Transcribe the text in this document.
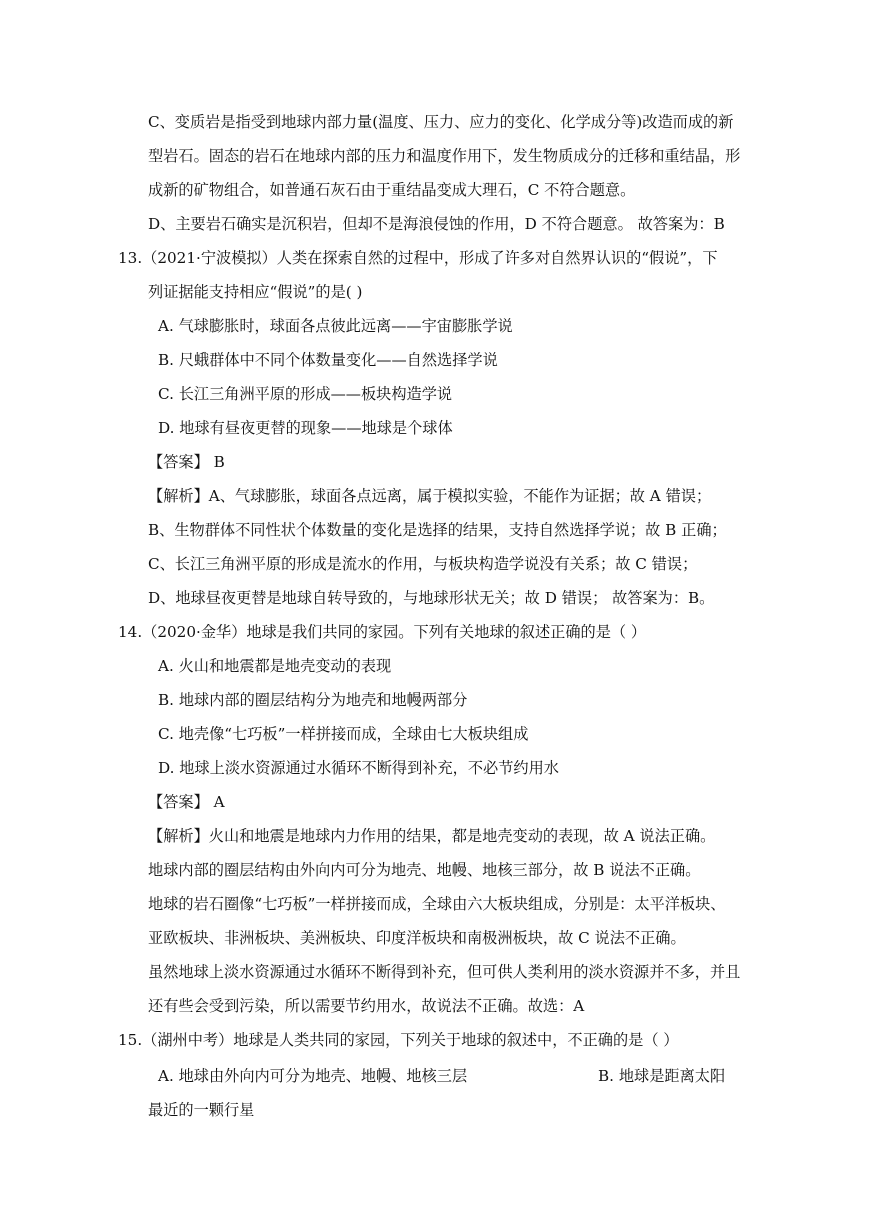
C、变质岩是指受到地球内部力量(温度、压力、应力的变化、化学成分等)改造而成的新
型岩石。固态的岩石在地球内部的压力和温度作用下，发生物质成分的迁移和重结晶，形
成新的矿物组合，如普通石灰石由于重结晶变成大理石，C 不符合题意。
D、主要岩石确实是沉积岩，但却不是海浪侵蚀的作用，D 不符合题意。 故答案为：B
13.（2021·宁波模拟）人类在探索自然的过程中，形成了许多对自然界认识的“假说”，下
列证据能支持相应“假说”的是( )
A. 气球膨胀时，球面各点彼此远离——宇宙膨胀学说
B. 尺蛾群体中不同个体数量变化——自然选择学说
C. 长江三角洲平原的形成——板块构造学说
D. 地球有昼夜更替的现象——地球是个球体
【答案】 B
【解析】A、气球膨胀，球面各点远离，属于模拟实验，不能作为证据；故 A 错误；
B、生物群体不同性状个体数量的变化是选择的结果，支持自然选择学说；故 B 正确；
C、长江三角洲平原的形成是流水的作用，与板块构造学说没有关系；故 C 错误；
D、地球昼夜更替是地球自转导致的，与地球形状无关；故 D 错误； 故答案为：B。
14.（2020·金华）地球是我们共同的家园。下列有关地球的叙述正确的是（ ）
A. 火山和地震都是地壳变动的表现
B. 地球内部的圈层结构分为地壳和地幔两部分
C. 地壳像“七巧板”一样拼接而成，全球由七大板块组成
D. 地球上淡水资源通过水循环不断得到补充，不必节约用水
【答案】 A
【解析】火山和地震是地球内力作用的结果，都是地壳变动的表现，故 A 说法正确。
地球内部的圈层结构由外向内可分为地壳、地幔、地核三部分，故 B 说法不正确。
地球的岩石圈像“七巧板”一样拼接而成，全球由六大板块组成，分别是：太平洋板块、
亚欧板块、非洲板块、美洲板块、印度洋板块和南极洲板块，故 C 说法不正确。
虽然地球上淡水资源通过水循环不断得到补充，但可供人类利用的淡水资源并不多，并且
还有些会受到污染，所以需要节约用水，故说法不正确。故选：A
15.（湖州中考）地球是人类共同的家园，下列关于地球的叙述中，不正确的是（ ）
A. 地球由外向内可分为地壳、地幔、地核三层	B. 地球是距离太阳
最近的一颗行星
